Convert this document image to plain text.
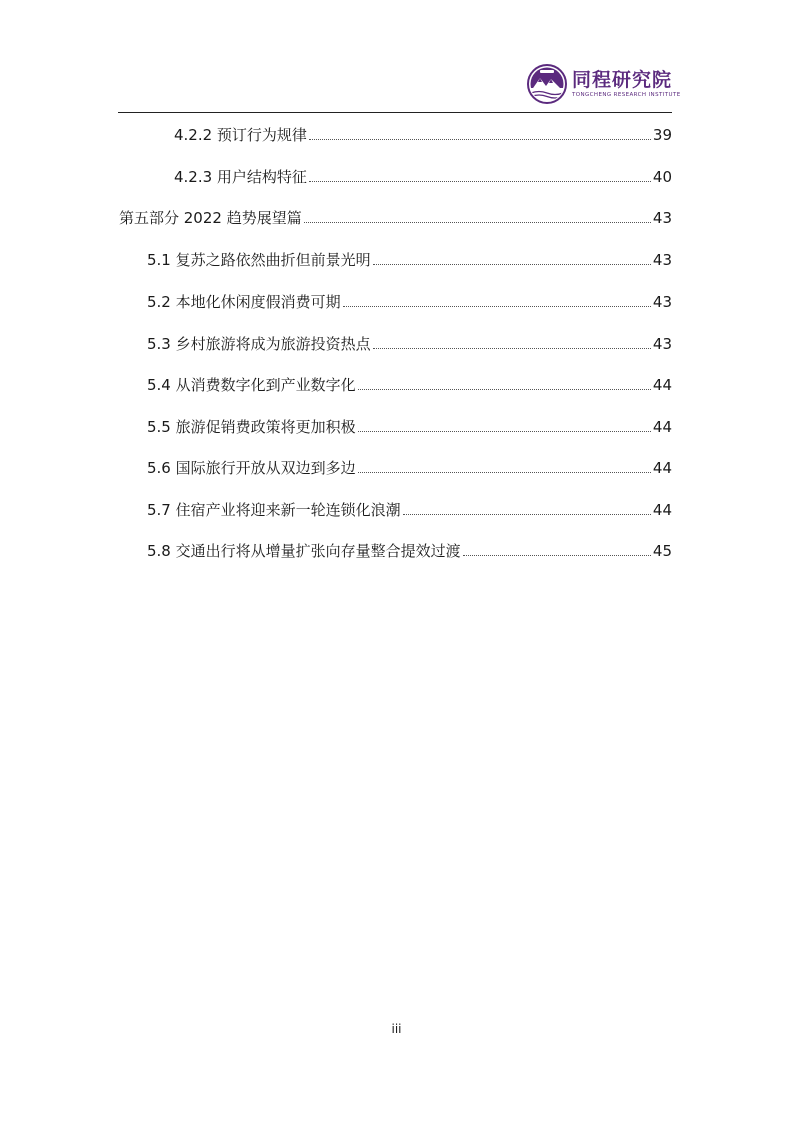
同程研究院
TONGCHENG RESEARCH INSTITUTE
4.2.2 预订行为规律	39
4.2.3 用户结构特征	40
第五部分 2022 趋势展望篇	43
5.1 复苏之路依然曲折但前景光明	43
5.2 本地化休闲度假消费可期	43
5.3 乡村旅游将成为旅游投资热点	43
5.4 从消费数字化到产业数字化	44
5.5 旅游促销费政策将更加积极	44
5.6 国际旅行开放从双边到多边	44
5.7 住宿产业将迎来新一轮连锁化浪潮	44
5.8 交通出行将从增量扩张向存量整合提效过渡	45
iii
